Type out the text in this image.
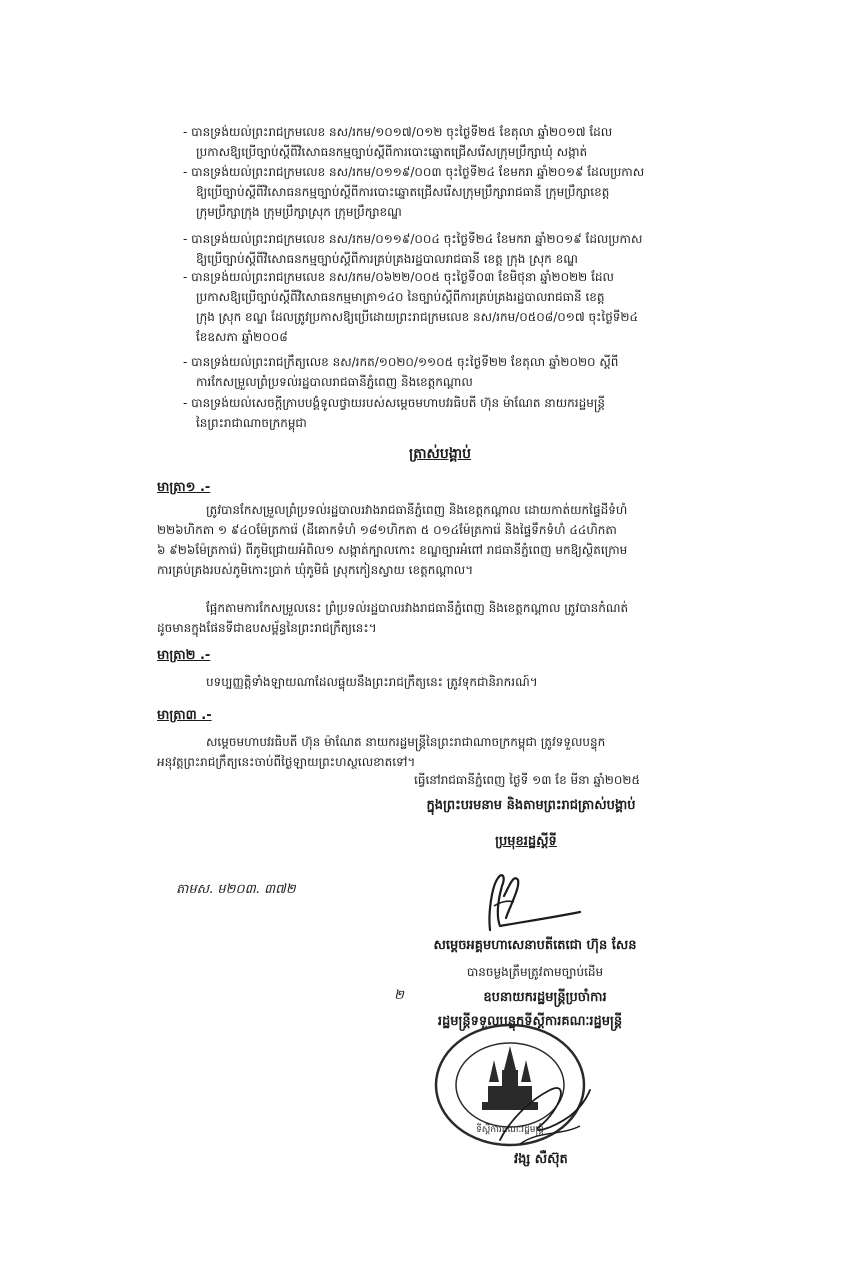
- បានទ្រង់យល់ព្រះរាជក្រមលេខ នស/រកម/១០១៧/០១២ ចុះថ្ងៃទី២៥ ខែតុលា ឆ្នាំ២០១៧ ដែល
ប្រកាសឱ្យប្រើច្បាប់ស្ដីពីវិសោធនកម្មច្បាប់ស្ដីពីការបោះឆ្នោតជ្រើសរើសក្រុមប្រឹក្សាឃុំ សង្កាត់
- បានទ្រង់យល់ព្រះរាជក្រមលេខ នស/រកម/០១១៩/០០៣ ចុះថ្ងៃទី២៤ ខែមករា ឆ្នាំ២០១៩ ដែលប្រកាស
ឱ្យប្រើច្បាប់ស្ដីពីវិសោធនកម្មច្បាប់ស្ដីពីការបោះឆ្នោតជ្រើសរើសក្រុមប្រឹក្សារាជធានី ក្រុមប្រឹក្សាខេត្ត
ក្រុមប្រឹក្សាក្រុង ក្រុមប្រឹក្សាស្រុក ក្រុមប្រឹក្សាខណ្ឌ
- បានទ្រង់យល់ព្រះរាជក្រមលេខ នស/រកម/០១១៩/០០៤ ចុះថ្ងៃទី២៤ ខែមករា ឆ្នាំ២០១៩ ដែលប្រកាស
ឱ្យប្រើច្បាប់ស្ដីពីវិសោធនកម្មច្បាប់ស្ដីពីការគ្រប់គ្រងរដ្ឋបាលរាជធានី ខេត្ត ក្រុង ស្រុក ខណ្ឌ
- បានទ្រង់យល់ព្រះរាជក្រមលេខ នស/រកម/០៦២២/០០៥ ចុះថ្ងៃទី០៣ ខែមិថុនា ឆ្នាំ២០២២ ដែល
ប្រកាសឱ្យប្រើច្បាប់ស្ដីពីវិសោធនកម្មមាត្រា១៤០ នៃច្បាប់ស្ដីពីការគ្រប់គ្រងរដ្ឋបាលរាជធានី ខេត្ត
ក្រុង ស្រុក ខណ្ឌ ដែលត្រូវប្រកាសឱ្យប្រើដោយព្រះរាជក្រមលេខ នស/រកម/០៥០៨/០១៧ ចុះថ្ងៃទី២៤
ខែឧសភា ឆ្នាំ២០០៨
- បានទ្រង់យល់ព្រះរាជក្រឹត្យលេខ នស/រកត/១០២០/១១០៥ ចុះថ្ងៃទី២២ ខែតុលា ឆ្នាំ២០២០ ស្ដីពី
ការកែសម្រួលព្រំប្រទល់រដ្ឋបាលរាជធានីភ្នំពេញ និងខេត្តកណ្ដាល
- បានទ្រង់យល់សេចក្ដីក្រាបបង្គំទូលថ្វាយរបស់សម្ដេចមហាបវរធិបតី ហ៊ុន ម៉ាណែត នាយករដ្ឋមន្ត្រី
នៃព្រះរាជាណាចក្រកម្ពុជា
ត្រាស់បង្គាប់
មាត្រា១ .-
ត្រូវបានកែសម្រួលព្រំប្រទល់រដ្ឋបាលរវាងរាជធានីភ្នំពេញ និងខេត្តកណ្ដាល ដោយកាត់យកផ្ទៃដីទំហំ
២២៦ហិកតា ១ ៩៤០ម៉ែត្រការ៉េ (ដីគោកទំហំ ១៨១ហិកតា ៥ ០១៤ម៉ែត្រការ៉េ និងផ្ទៃទឹកទំហំ ៤៤ហិកតា
៦ ៩២៦ម៉ែត្រការ៉េ) ពីភូមិជ្រោយអំពិល១ សង្កាត់ក្បាលកោះ ខណ្ឌច្បារអំពៅ រាជធានីភ្នំពេញ មកឱ្យស្ថិតក្រោម
ការគ្រប់គ្រងរបស់ភូមិកោះប្រាក់ ឃុំភូមិធំ ស្រុកកៀនស្វាយ ខេត្តកណ្ដាល។
ផ្អែកតាមការកែសម្រួលនេះ ព្រំប្រទល់រដ្ឋបាលរវាងរាជធានីភ្នំពេញ និងខេត្តកណ្ដាល ត្រូវបានកំណត់
ដូចមានក្នុងផែនទីជាឧបសម្ព័ន្ធនៃព្រះរាជក្រឹត្យនេះ។
មាត្រា២ .-
បទប្បញ្ញត្តិទាំងឡាយណាដែលផ្ទុយនឹងព្រះរាជក្រឹត្យនេះ ត្រូវទុកជានិរាករណ៍។
មាត្រា៣ .-
សម្ដេចមហាបវរធិបតី ហ៊ុន ម៉ាណែត នាយករដ្ឋមន្ត្រីនៃព្រះរាជាណាចក្រកម្ពុជា ត្រូវទទួលបន្ទុក
អនុវត្តព្រះរាជក្រឹត្យនេះចាប់ពីថ្ងៃឡាយព្រះហស្ថលេខាតទៅ។
ធ្វើនៅរាជធានីភ្នំពេញ ថ្ងៃទី ១៣ ខែ មីនា ឆ្នាំ២០២៥
ក្នុងព្រះបរមនាម និងតាមព្រះរាជត្រាស់បង្គាប់
ប្រមុខរដ្ឋស្ដីទី
តាមស. ម២០៣. ៣៧២
សម្ដេចអគ្គមហាសេនាបតីតេជោ ហ៊ុន សែន
បានចម្លងត្រឹមត្រូវតាមច្បាប់ដើម
២	ឧបនាយករដ្ឋមន្ត្រីប្រចាំការ
រដ្ឋមន្ត្រីទទួលបន្ទុកទីស្ដីការគណៈរដ្ឋមន្ត្រី
ទីស្ដីការគណៈរដ្ឋមន្ត្រី
វង្ស សឺស៊ុត
